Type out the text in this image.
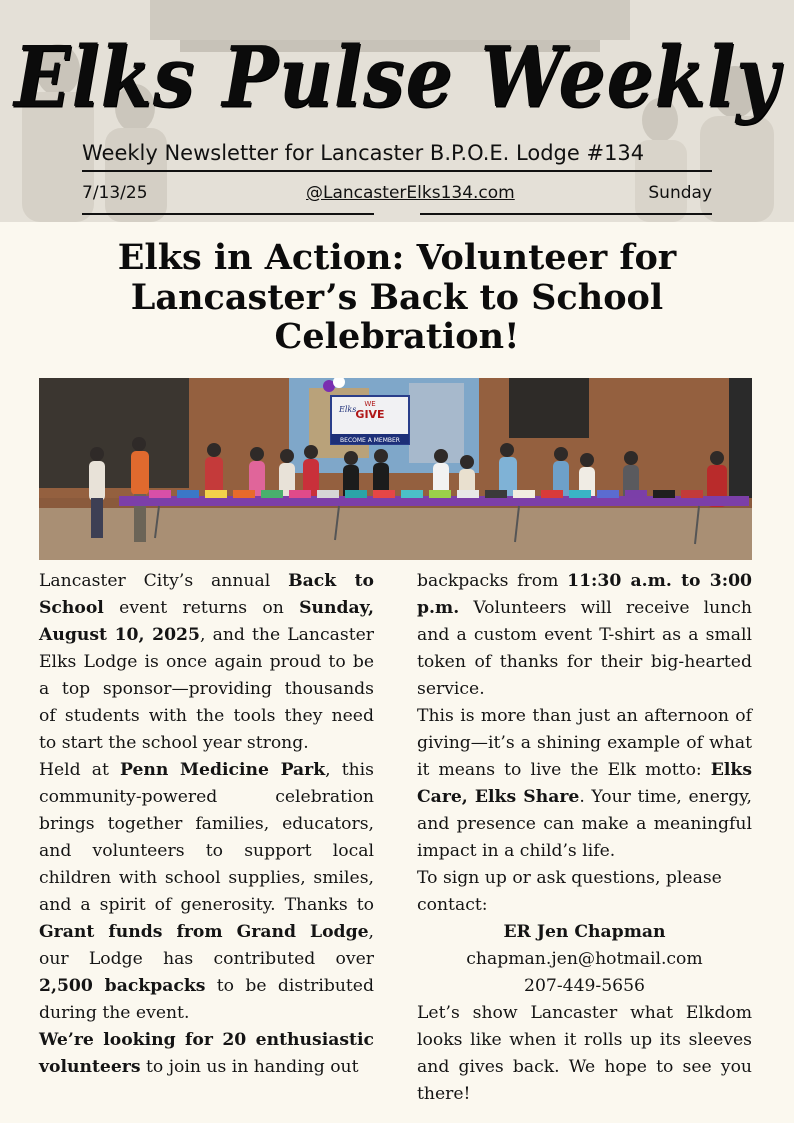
Elks Pulse Weekly
Weekly Newsletter for Lancaster B.P.O.E. Lodge #134
7/13/25	@LancasterElks134.com	Sunday
Elks in Action: Volunteer for Lancaster’s Back to School Celebration!
WE
GIVE
Elks
BECOME A MEMBER

Lancaster City’s annual Back to School event returns on Sunday, August 10, 2025, and the Lancaster Elks Lodge is once again proud to be a top sponsor—providing thousands of students with the tools they need to start the school year strong.

Held at Penn Medicine Park, this community-powered celebration brings together families, educators, and volunteers to support local children with school supplies, smiles, and a spirit of generosity. Thanks to Grant funds from Grand Lodge, our Lodge has contributed over 2,500 backpacks to be distributed during the event.

We’re looking for 20 enthusiastic volunteers to join us in handing out

backpacks from 11:30 a.m. to 3:00 p.m. Volunteers will receive lunch and a custom event T-shirt as a small token of thanks for their big-hearted service.

This is more than just an afternoon of giving—it’s a shining example of what it means to live the Elk motto: Elks Care, Elks Share. Your time, energy, and presence can make a meaningful impact in a child’s life.

To sign up or ask questions, please contact:

ER Jen Chapman

chapman.jen@hotmail.com

207-449-5656

Let’s show Lancaster what Elkdom looks like when it rolls up its sleeves and gives back. We hope to see you there!
